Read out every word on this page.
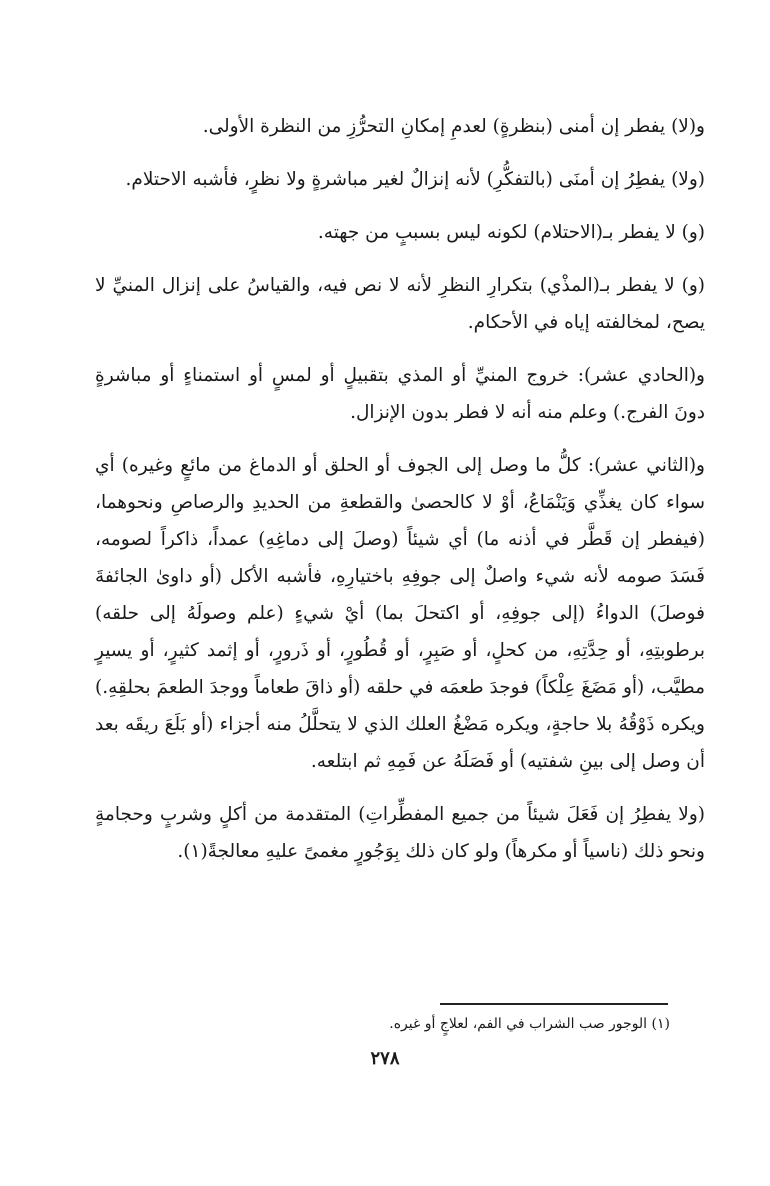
و(لا) يفطر إن أمنى (بنظرةٍ) لعدمِ إمكانِ التحرُّزِ من النظرة الأولى.

(ولا) يفطِرُ إن أمنَى (بالتفكُّرِ) لأنه إنزالٌ لغير مباشرةٍ ولا نظرٍ، فأشبه الاحتلام.

(و) لا يفطر بـ(الاحتلام) لكونه ليس بسببٍ من جهته.

(و) لا يفطر بـ(المذْي) بتكرارِ النظرِ لأنه لا نص فيه، والقياسُ على إنزال المنيِّ لا يصح، لمخالفته إياه في الأحكام.

و(الحادي عشر): خروج المنيِّ أو المذي بتقبيلٍ أو لمسٍ أو استمناءٍ أو مباشرةٍ دونَ الفرج.) وعلم منه أنه لا فطر بدون الإنزال.

و(الثاني عشر): كلُّ ما وصل إلى الجوف أو الحلق أو الدماغ من مائعٍ وغيره) أي سواء كان يغذِّي وَيَنْمَاعُ، أوْ لا كالحصىٰ والقطعةِ من الحديدِ والرصاصِ ونحوهما، (فيفطر إن قَطَّر في أذنه ما) أي شيئاً (وصلَ إلى دماغِهِ) عمداً، ذاكراً لصومه، فَسَدَ صومه لأنه شيء واصلٌ إلى جوفِهِ باختيارِهِ، فأشبه الأكل (أو داوىٰ الجائفةَ فوصلَ) الدواءُ (إلى جوفِهِ، أو اكتحلَ بما) أيْ شيءٍ (علم وصولَهُ إلى حلقه) برطوبتِهِ، أو حِدَّتِهِ، من كحلٍ، أو صَبِرٍ، أو قُطُورٍ، أو ذَرورٍ، أو إثمد كثيرٍ، أو يسيرٍ مطيَّب، (أو مَضَغَ عِلْكاً) فوجدَ طعمَه في حلقه (أو ذاقَ طعاماً ووجدَ الطعمَ بحلقِهِ.) ويكره ذَوْقُهُ بلا حاجةٍ، ويكره مَضْغُ العلك الذي لا يتحلَّلُ منه أجزاء (أو بَلَعَ ريقَه بعد أن وصل إلى بينِ شفتيه) أو فَصَلَهُ عن فَمِهِ ثم ابتلعه.

(ولا يفطِرُ إن فَعَلَ شيئاً من جميع المفطِّراتِ) المتقدمة من أكلٍ وشربٍ وحجامةٍ ونحو ذلك (ناسياً أو مكرهاً) ولو كان ذلك بِوَجُورٍ مغمىً عليهِ معالجةً(١).

(١) الوجور صب الشراب في الفم، لعلاجٍ أو غيره.
٢٧٨
